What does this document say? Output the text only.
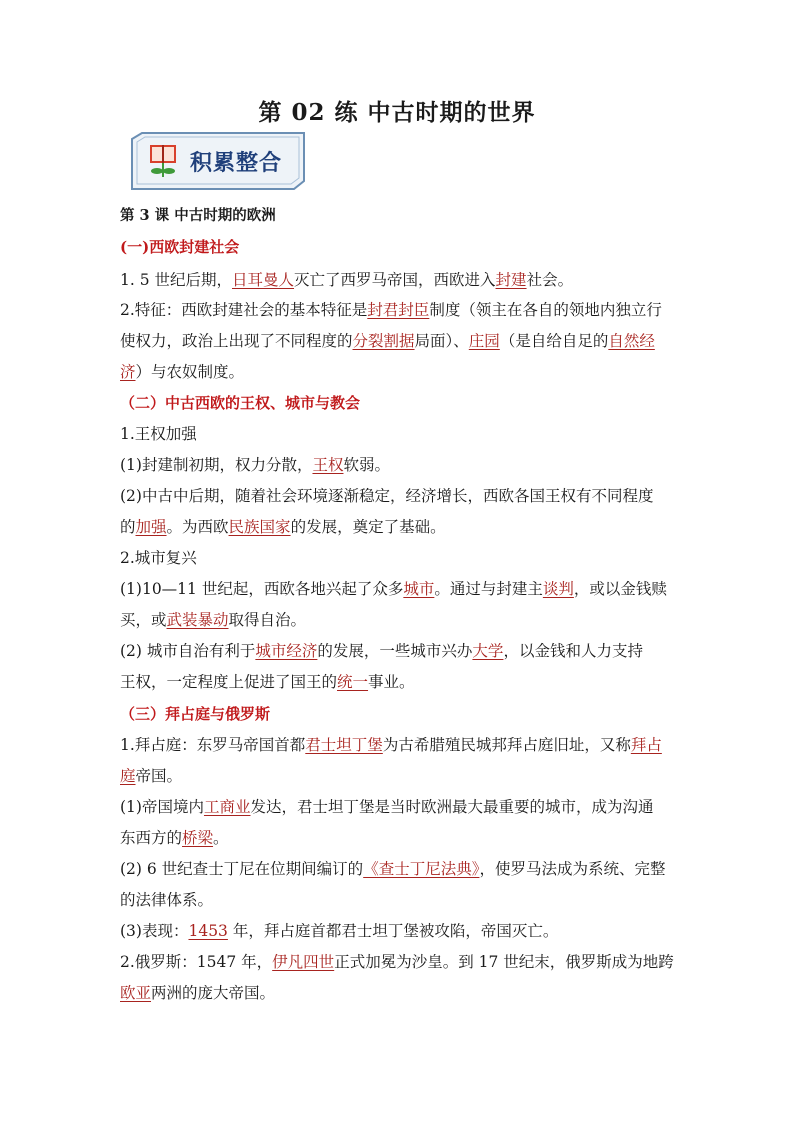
第 02 练 中古时期的世界
积累整合
第 3 课 中古时期的欧洲
(一)西欧封建社会
1. 5 世纪后期，日耳曼人灭亡了西罗马帝国，西欧进入封建社会。
2.特征：西欧封建社会的基本特征是封君封臣制度（领主在各自的领地内独立行
使权力，政治上出现了不同程度的分裂割据局面）、庄园（是自给自足的自然经
济）与农奴制度。
（二）中古西欧的王权、城市与教会
1.王权加强
(1)封建制初期，权力分散，王权软弱。
(2)中古中后期，随着社会环境逐渐稳定，经济增长，西欧各国王权有不同程度
的加强。为西欧民族国家的发展，奠定了基础。
2.城市复兴
(1)10—11 世纪起，西欧各地兴起了众多城市。通过与封建主谈判，或以金钱赎
买，或武装暴动取得自治。
(2) 城市自治有利于城市经济的发展，一些城市兴办大学，以金钱和人力支持
王权，一定程度上促进了国王的统一事业。
（三）拜占庭与俄罗斯
1.拜占庭：东罗马帝国首都君士坦丁堡为古希腊殖民城邦拜占庭旧址，又称拜占
庭帝国。
(1)帝国境内工商业发达，君士坦丁堡是当时欧洲最大最重要的城市，成为沟通
东西方的桥梁。
(2) 6 世纪查士丁尼在位期间编订的《查士丁尼法典》，使罗马法成为系统、完整
的法律体系。
(3)表现：1453 年，拜占庭首都君士坦丁堡被攻陷，帝国灭亡。
2.俄罗斯：1547 年，伊凡四世正式加冕为沙皇。到 17 世纪末，俄罗斯成为地跨
欧亚两洲的庞大帝国。
